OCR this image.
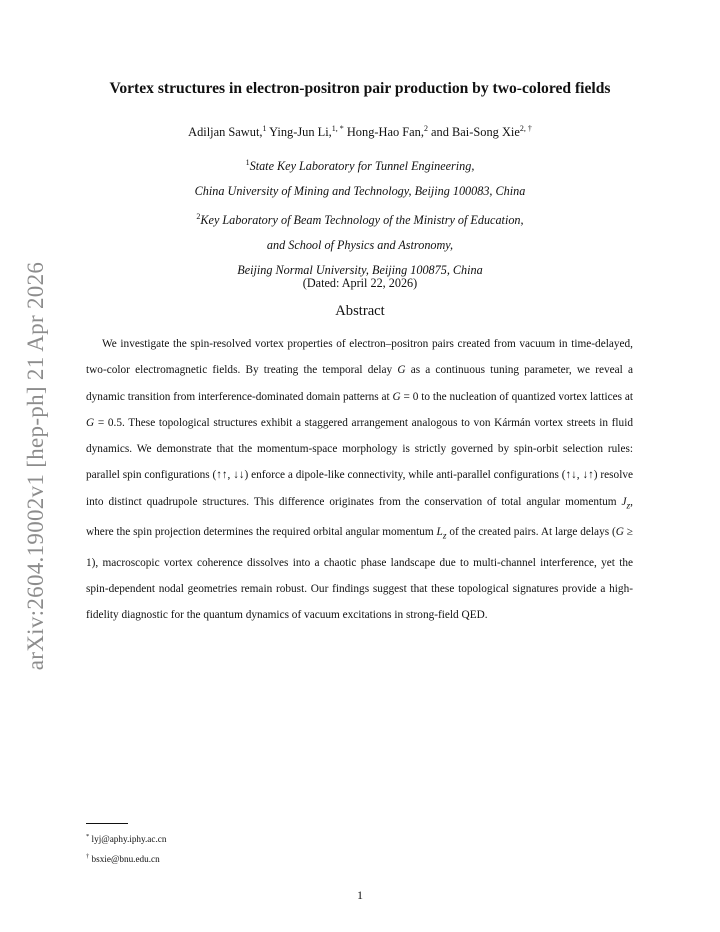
arXiv:2604.19002v1 [hep-ph] 21 Apr 2026
Vortex structures in electron-positron pair production by two-colored fields
Adiljan Sawut,$^1$ Ying-Jun Li,$^{1, *}$ Hong-Hao Fan,$^2$ and Bai-Song Xie$^{2, \dagger}$
$^1$State Key Laboratory for Tunnel Engineering,
China University of Mining and Technology, Beijing 100083, China
$^2$Key Laboratory of Beam Technology of the Ministry of Education,
and School of Physics and Astronomy,
Beijing Normal University, Beijing 100875, China
(Dated: April 22, 2026)
Abstract

We investigate the spin-resolved vortex properties of electron–positron pairs created from vacuum in time-delayed, two-color electromagnetic fields. By treating the temporal delay G as a continuous tuning parameter, we reveal a dynamic transition from interference-dominated domain patterns at G = 0 to the nucleation of quantized vortex lattices at G = 0.5. These topological structures exhibit a staggered arrangement analogous to von Kármán vortex streets in fluid dynamics. We demonstrate that the momentum-space morphology is strictly governed by spin-orbit selection rules: parallel spin configurations (↑↑, ↓↓) enforce a dipole-like connectivity, while anti-parallel configurations (↑↓, ↓↑) resolve into distinct quadrupole structures. This difference originates from the conservation of total angular momentum $J_z$, where the spin projection determines the required orbital angular momentum $L_z$ of the created pairs. At large delays (G ≥ 1), macroscopic vortex coherence dissolves into a chaotic phase landscape due to multi-channel interference, yet the spin-dependent nodal geometries remain robust. Our findings suggest that these topological signatures provide a high-fidelity diagnostic for the quantum dynamics of vacuum excitations in strong-field QED.

* lyj@aphy.iphy.ac.cn
† bsxie@bnu.edu.cn
1
